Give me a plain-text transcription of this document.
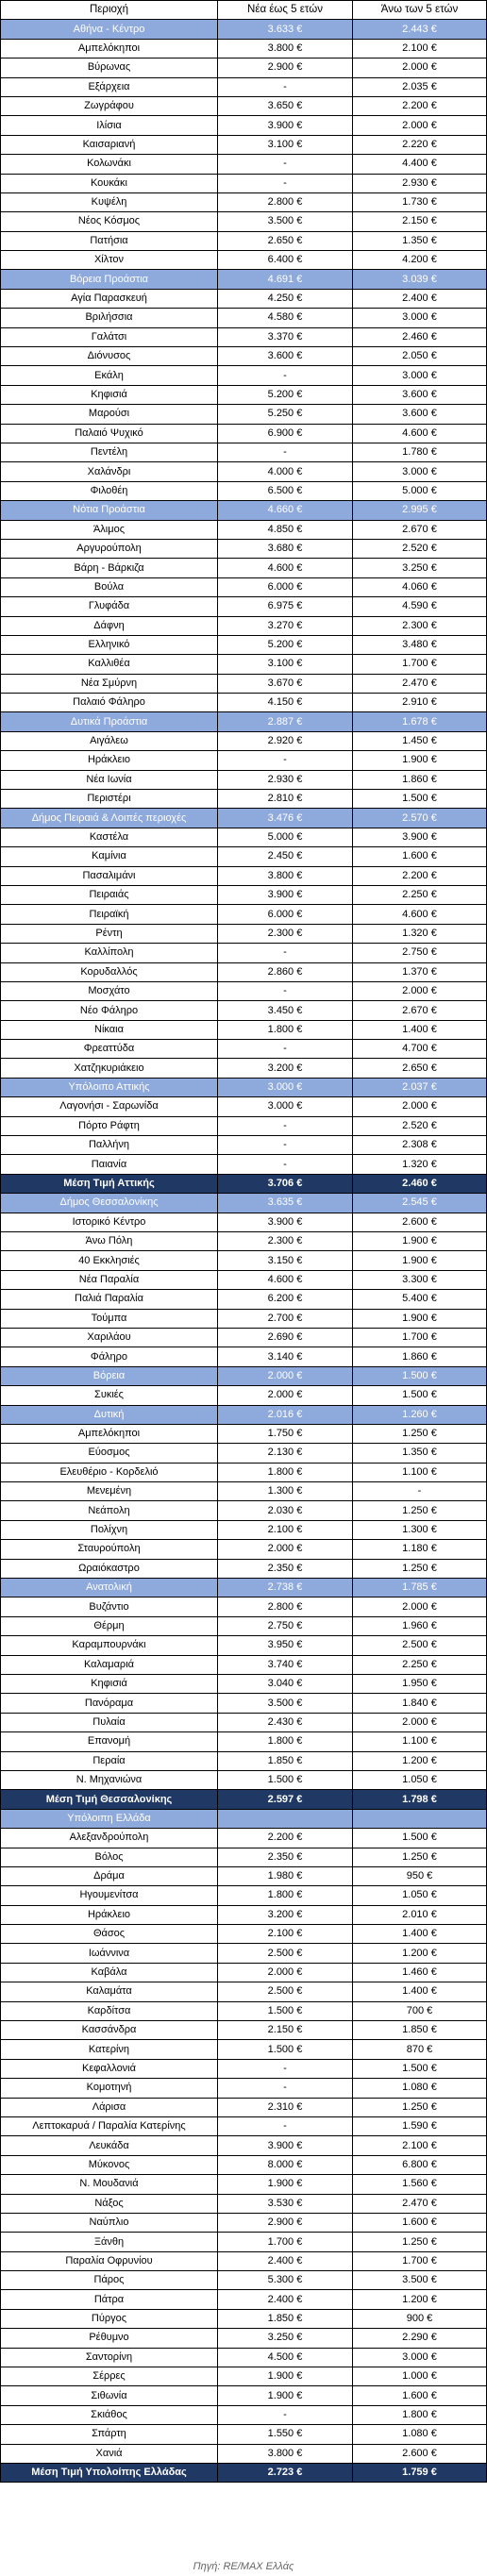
Περιοχή	Νέα έως 5 ετών	Άνω των 5 ετών
Αθήνα - Κέντρο	3.633 €	2.443 €
Αμπελόκηποι	3.800 €	2.100 €
Βύρωνας	2.900 €	2.000 €
Εξάρχεια	-	2.035 €
Ζωγράφου	3.650 €	2.200 €
Ιλίσια	3.900 €	2.000 €
Καισαριανή	3.100 €	2.220 €
Κολωνάκι	-	4.400 €
Κουκάκι	-	2.930 €
Κυψέλη	2.800 €	1.730 €
Νέος Κόσμος	3.500 €	2.150 €
Πατήσια	2.650 €	1.350 €
Χίλτον	6.400 €	4.200 €
Βόρεια Προάστια	4.691 €	3.039 €
Αγία Παρασκευή	4.250 €	2.400 €
Βριλήσσια	4.580 €	3.000 €
Γαλάτσι	3.370 €	2.460 €
Διόνυσος	3.600 €	2.050 €
Εκάλη	-	3.000 €
Κηφισιά	5.200 €	3.600 €
Μαρούσι	5.250 €	3.600 €
Παλαιό Ψυχικό	6.900 €	4.600 €
Πεντέλη	-	1.780 €
Χαλάνδρι	4.000 €	3.000 €
Φιλοθέη	6.500 €	5.000 €
Νότια Προάστια	4.660 €	2.995 €
Άλιμος	4.850 €	2.670 €
Αργυρούπολη	3.680 €	2.520 €
Βάρη - Βάρκιζα	4.600 €	3.250 €
Βούλα	6.000 €	4.060 €
Γλυφάδα	6.975 €	4.590 €
Δάφνη	3.270 €	2.300 €
Ελληνικό	5.200 €	3.480 €
Καλλιθέα	3.100 €	1.700 €
Νέα Σμύρνη	3.670 €	2.470 €
Παλαιό Φάληρο	4.150 €	2.910 €
Δυτικά Προάστια	2.887 €	1.678 €
Αιγάλεω	2.920 €	1.450 €
Ηράκλειο	-	1.900 €
Νέα Ιωνία	2.930 €	1.860 €
Περιστέρι	2.810 €	1.500 €
Δήμος Πειραιά & Λοιπές περιοχές	3.476 €	2.570 €
Καστέλα	5.000 €	3.900 €
Καμίνια	2.450 €	1.600 €
Πασαλιμάνι	3.800 €	2.200 €
Πειραιάς	3.900 €	2.250 €
Πειραϊκή	6.000 €	4.600 €
Ρέντη	2.300 €	1.320 €
Καλλίπολη	-	2.750 €
Κορυδαλλός	2.860 €	1.370 €
Μοσχάτο	-	2.000 €
Νέο Φάληρο	3.450 €	2.670 €
Νίκαια	1.800 €	1.400 €
Φρεαττύδα	-	4.700 €
Χατζηκυριάκειο	3.200 €	2.650 €
Υπόλοιπο Αττικής	3.000 €	2.037 €
Λαγονήσι - Σαρωνίδα	3.000 €	2.000 €
Πόρτο Ράφτη	-	2.520 €
Παλλήνη	-	2.308 €
Παιανία	-	1.320 €
Μέση Τιμή Αττικής	3.706 €	2.460 €
Δήμος Θεσσαλονίκης	3.635 €	2.545 €
Ιστορικό Κέντρο	3.900 €	2.600 €
Άνω Πόλη	2.300 €	1.900 €
40 Εκκλησιές	3.150 €	1.900 €
Νέα Παραλία	4.600 €	3.300 €
Παλιά Παραλία	6.200 €	5.400 €
Τούμπα	2.700 €	1.900 €
Χαριλάου	2.690 €	1.700 €
Φάληρο	3.140 €	1.860 €
Βόρεια	2.000 €	1.500 €
Συκιές	2.000 €	1.500 €
Δυτική	2.016 €	1.260 €
Αμπελόκηποι	1.750 €	1.250 €
Εύοσμος	2.130 €	1.350 €
Ελευθέριο - Κορδελιό	1.800 €	1.100 €
Μενεμένη	1.300 €	-
Νεάπολη	2.030 €	1.250 €
Πολίχνη	2.100 €	1.300 €
Σταυρούπολη	2.000 €	1.180 €
Ωραιόκαστρο	2.350 €	1.250 €
Ανατολική	2.738 €	1.785 €
Βυζάντιο	2.800 €	2.000 €
Θέρμη	2.750 €	1.960 €
Καραμπουρνάκι	3.950 €	2.500 €
Καλαμαριά	3.740 €	2.250 €
Κηφισιά	3.040 €	1.950 €
Πανόραμα	3.500 €	1.840 €
Πυλαία	2.430 €	2.000 €
Επανομή	1.800 €	1.100 €
Περαία	1.850 €	1.200 €
Ν. Μηχανιώνα	1.500 €	1.050 €
Μέση Τιμή Θεσσαλονίκης	2.597 €	1.798 €
Υπόλοιπη Ελλάδα		
Αλεξανδρούπολη	2.200 €	1.500 €
Βόλος	2.350 €	1.250 €
Δράμα	1.980 €	950 €
Ηγουμενίτσα	1.800 €	1.050 €
Ηράκλειο	3.200 €	2.010 €
Θάσος	2.100 €	1.400 €
Ιωάννινα	2.500 €	1.200 €
Καβάλα	2.000 €	1.460 €
Καλαμάτα	2.500 €	1.400 €
Καρδίτσα	1.500 €	700 €
Κασσάνδρα	2.150 €	1.850 €
Κατερίνη	1.500 €	870 €
Κεφαλλονιά	-	1.500 €
Κομοτηνή	-	1.080 €
Λάρισα	2.310 €	1.250 €
Λεπτοκαρυά / Παραλία Κατερίνης	-	1.590 €
Λευκάδα	3.900 €	2.100 €
Μύκονος	8.000 €	6.800 €
Ν. Μουδανιά	1.900 €	1.560 €
Νάξος	3.530 €	2.470 €
Ναύπλιο	2.900 €	1.600 €
Ξάνθη	1.700 €	1.250 €
Παραλία Οφρυνίου	2.400 €	1.700 €
Πάρος	5.300 €	3.500 €
Πάτρα	2.400 €	1.200 €
Πύργος	1.850 €	900 €
Ρέθυμνο	3.250 €	2.290 €
Σαντορίνη	4.500 €	3.000 €
Σέρρες	1.900 €	1.000 €
Σιθωνία	1.900 €	1.600 €
Σκιάθος	-	1.800 €
Σπάρτη	1.550 €	1.080 €
Χανιά	3.800 €	2.600 €
Μέση Τιμή Υπολοίπης Ελλάδας	2.723 €	1.759 €
Πηγή: RE/MAX Ελλάς
